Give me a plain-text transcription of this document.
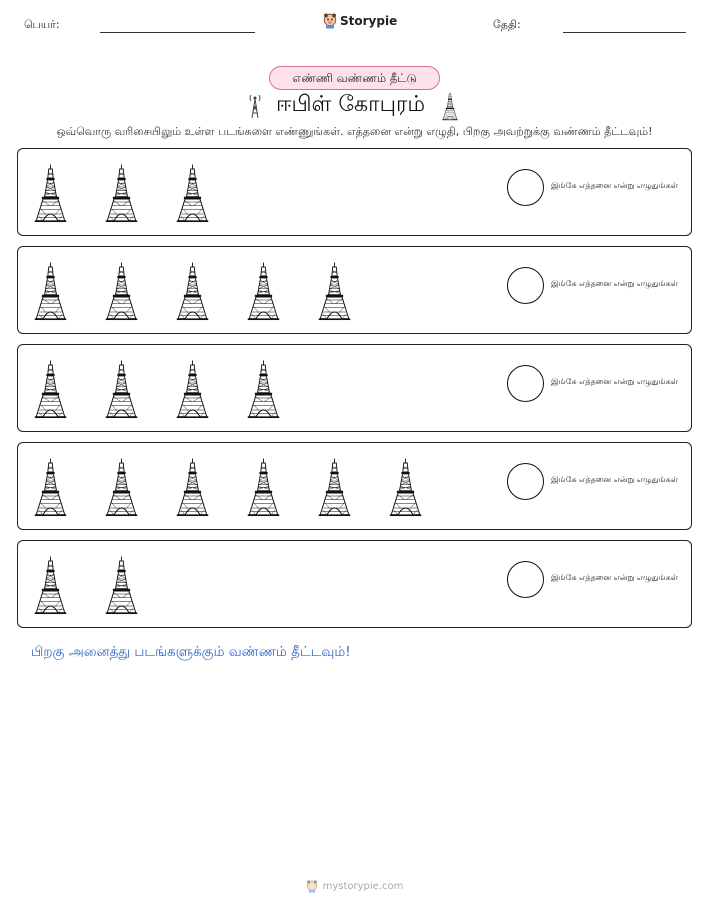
பெயர்:	Storypie	தேதி:
எண்ணி வண்ணம் தீட்டு
ஈபிள் கோபுரம்
ஒவ்வொரு வரிசையிலும் உள்ள படங்களை எண்ணுங்கள். எத்தனை என்று எழுதி, பிறகு அவற்றுக்கு வண்ணம் தீட்டவும்!
இங்கே எத்தனை என்று எழுதுங்கள்
இங்கே எத்தனை என்று எழுதுங்கள்
இங்கே எத்தனை என்று எழுதுங்கள்
இங்கே எத்தனை என்று எழுதுங்கள்
இங்கே எத்தனை என்று எழுதுங்கள்
பிறகு அனைத்து படங்களுக்கும் வண்ணம் தீட்டவும்!
mystorypie.com
